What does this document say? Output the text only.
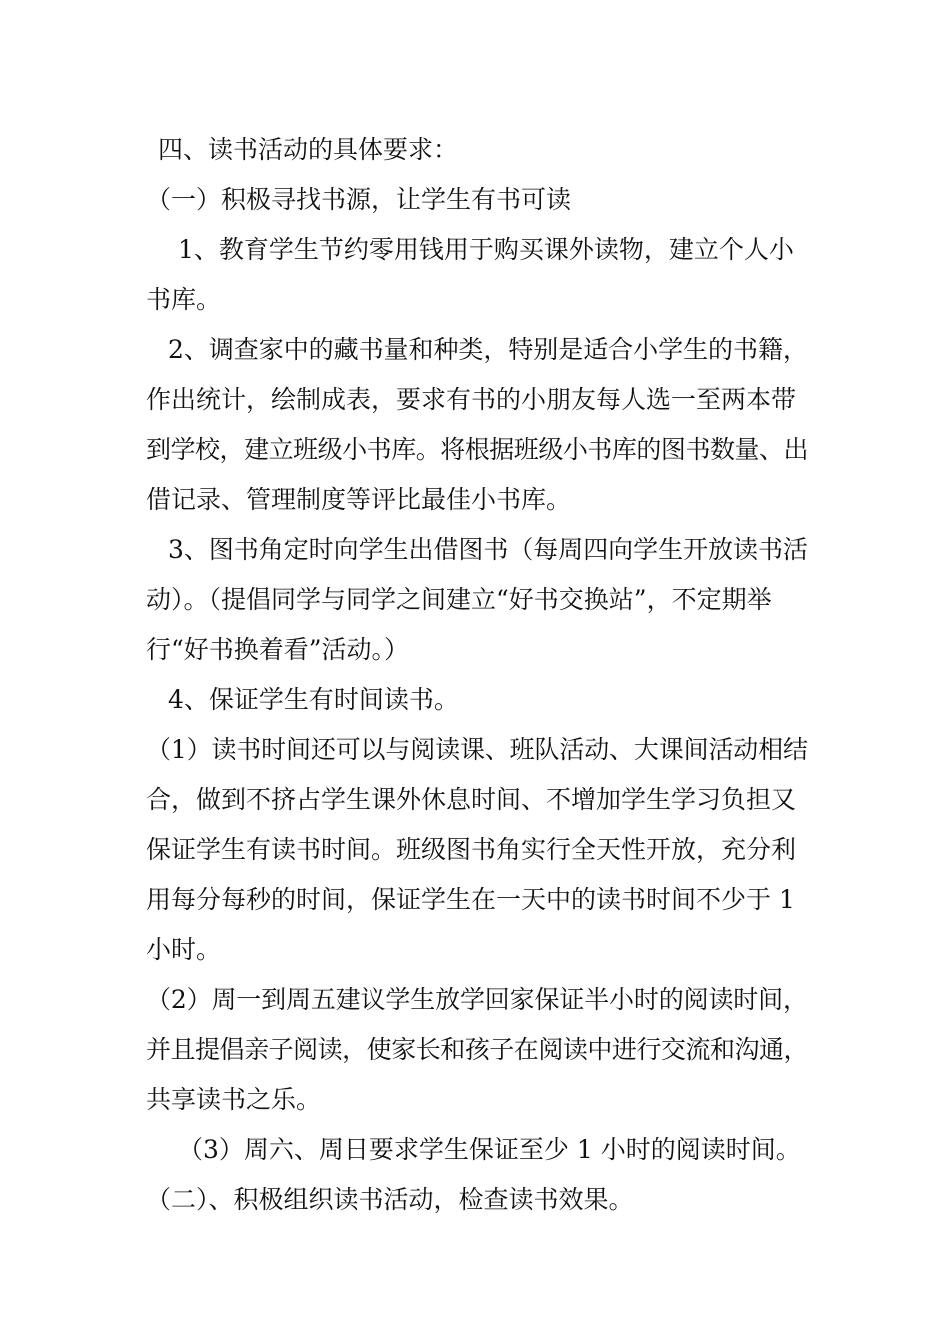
四、读书活动的具体要求：
（一）积极寻找书源，让学生有书可读
1、教育学生节约零用钱用于购买课外读物，建立个人小
书库。
2、调查家中的藏书量和种类，特别是适合小学生的书籍，
作出统计，绘制成表，要求有书的小朋友每人选一至两本带
到学校，建立班级小书库。将根据班级小书库的图书数量、出
借记录、管理制度等评比最佳小书库。
3、图书角定时向学生出借图书（每周四向学生开放读书活
动）。（提倡同学与同学之间建立“好书交换站”，不定期举
行“好书换着看”活动。）
4、保证学生有时间读书。
（1）读书时间还可以与阅读课、班队活动、大课间活动相结
合，做到不挤占学生课外休息时间、不增加学生学习负担又
保证学生有读书时间。班级图书角实行全天性开放，充分利
用每分每秒的时间，保证学生在一天中的读书时间不少于 1
小时。
（2）周一到周五建议学生放学回家保证半小时的阅读时间，
并且提倡亲子阅读，使家长和孩子在阅读中进行交流和沟通，
共享读书之乐。
（3）周六、周日要求学生保证至少 1 小时的阅读时间。
（二）、积极组织读书活动，检查读书效果。
